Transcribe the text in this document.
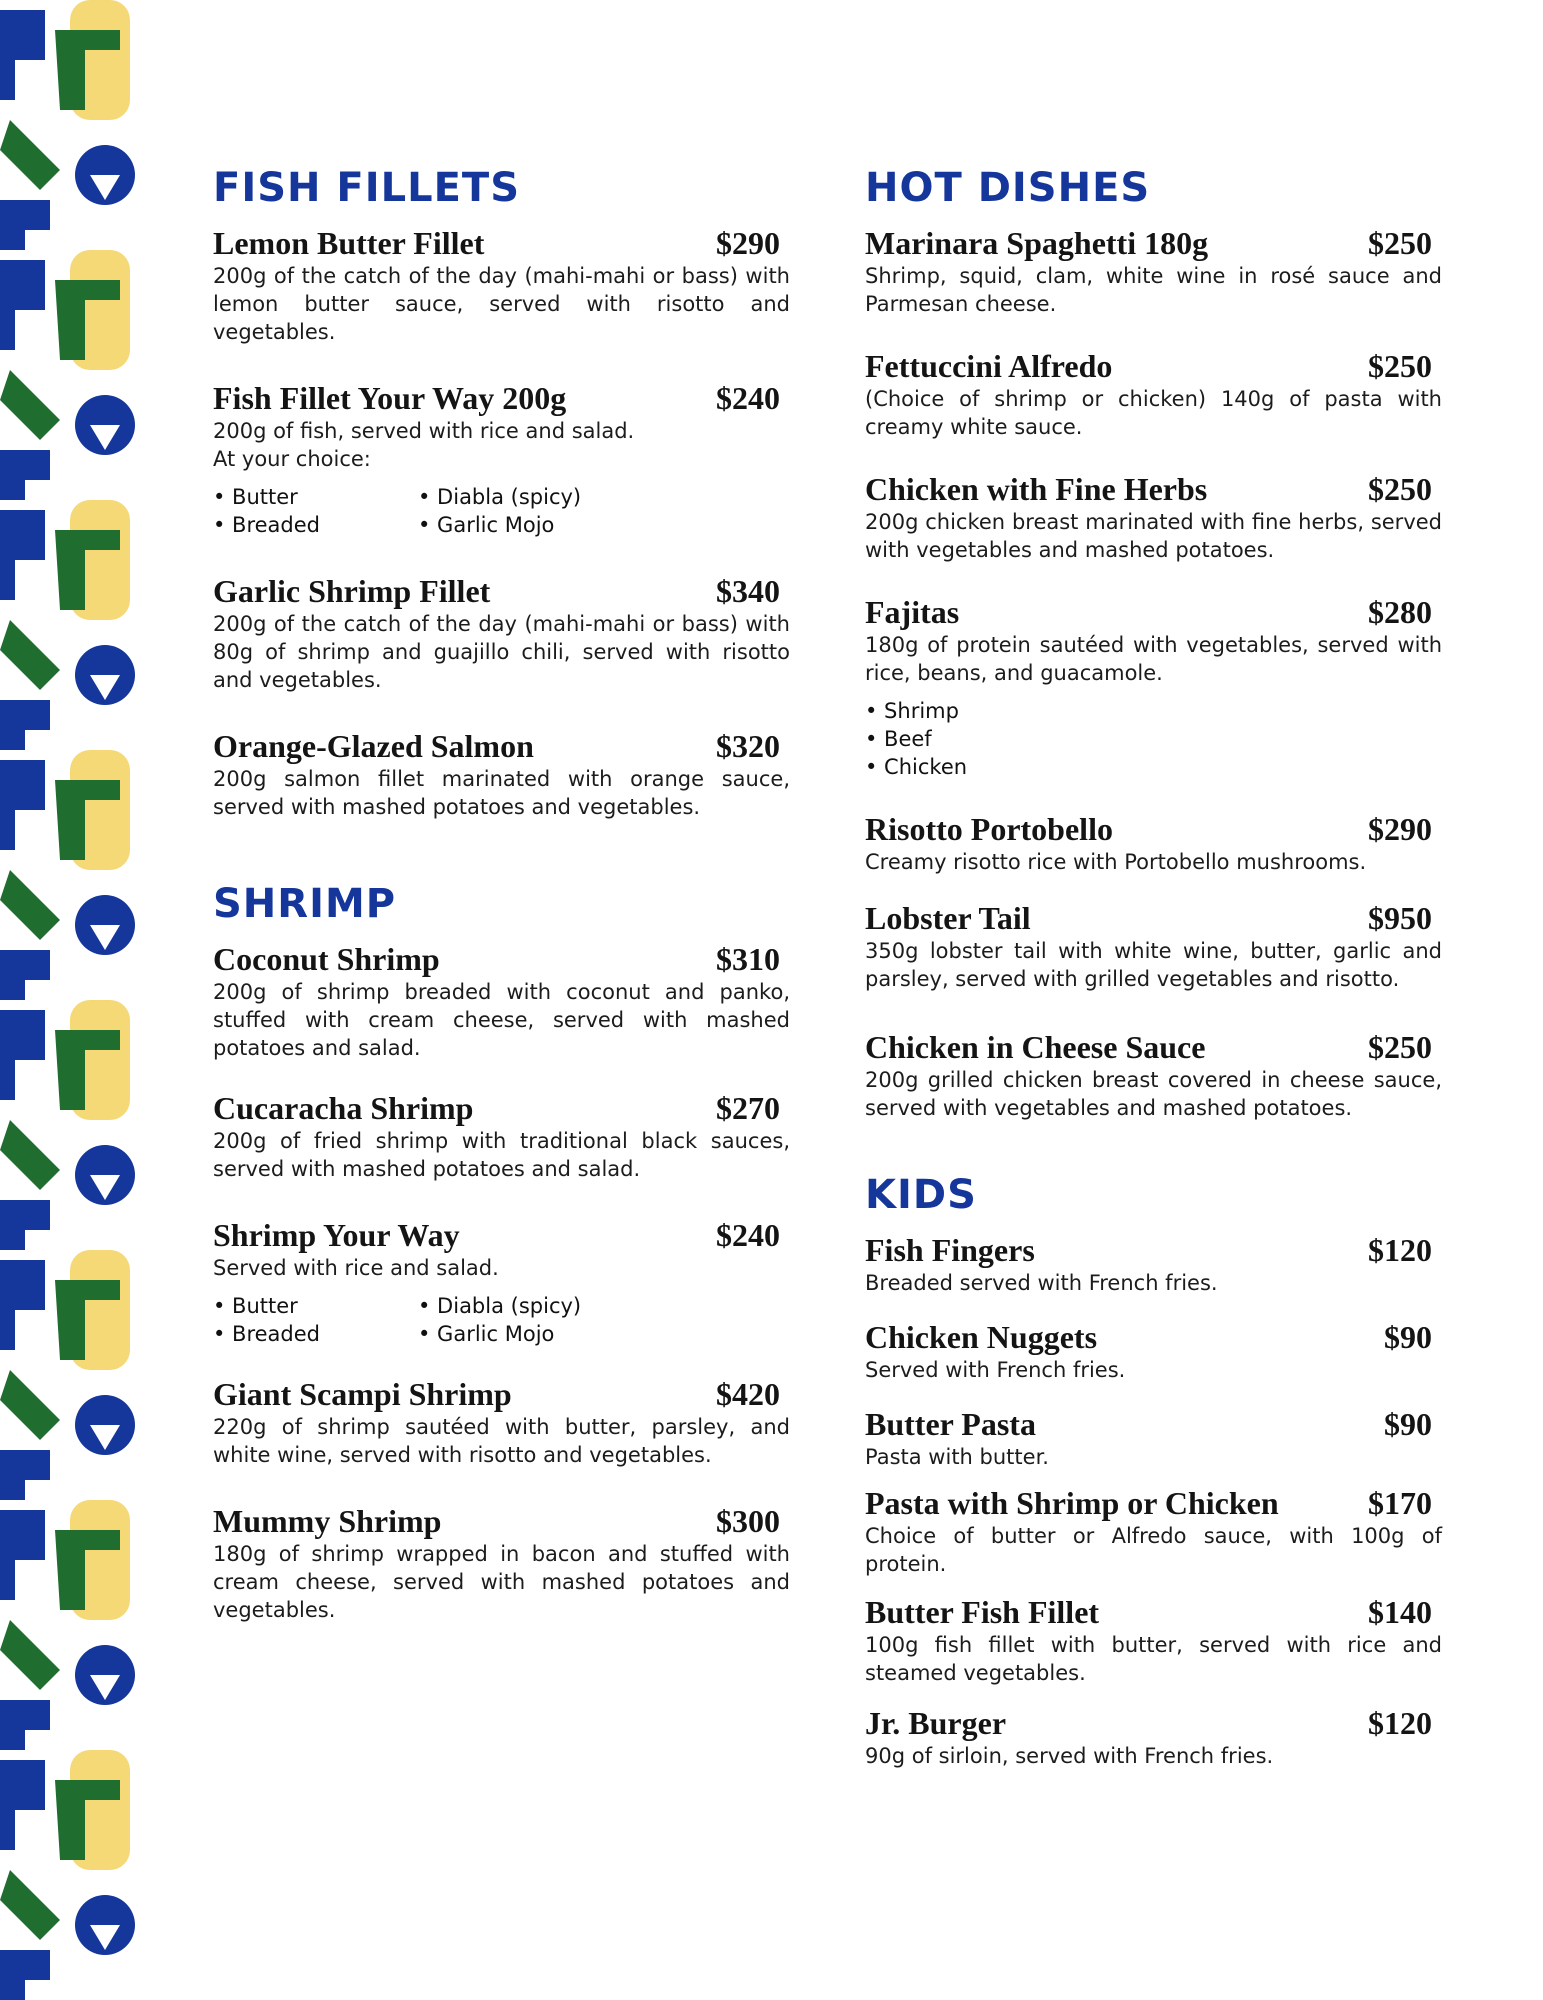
FISH FILLETS
Lemon Butter Fillet	$290
200g of the catch of the day (mahi-mahi or bass) with lemon butter sauce, served with risotto and vegetables.
Fish Fillet Your Way 200g	$240
200g of fish, served with rice and salad.
At your choice:
• Butter	• Diabla (spicy)
• Breaded	• Garlic Mojo
Garlic Shrimp Fillet	$340
200g of the catch of the day (mahi-mahi or bass) with 80g of shrimp and guajillo chili, served with risotto and vegetables.
Orange-Glazed Salmon	$320
200g salmon fillet marinated with orange sauce, served with mashed potatoes and vegetables.
SHRIMP
Coconut Shrimp	$310
200g of shrimp breaded with coconut and panko, stuffed with cream cheese, served with mashed potatoes and salad.
Cucaracha Shrimp	$270
200g of fried shrimp with traditional black sauces, served with mashed potatoes and salad.
Shrimp Your Way	$240
Served with rice and salad.
• Butter	• Diabla (spicy)
• Breaded	• Garlic Mojo
Giant Scampi Shrimp	$420
220g of shrimp sautéed with butter, parsley, and white wine, served with risotto and vegetables.
Mummy Shrimp	$300
180g of shrimp wrapped in bacon and stuffed with cream cheese, served with mashed potatoes and vegetables.
HOT DISHES
Marinara Spaghetti 180g	$250
Shrimp, squid, clam, white wine in rosé sauce and Parmesan cheese.
Fettuccini Alfredo	$250
(Choice of shrimp or chicken) 140g of pasta with creamy white sauce.
Chicken with Fine Herbs	$250
200g chicken breast marinated with fine herbs, served with vegetables and mashed potatoes.
Fajitas	$280
180g of protein sautéed with vegetables, served with rice, beans, and guacamole.
• Shrimp
• Beef
• Chicken
Risotto Portobello	$290
Creamy risotto rice with Portobello mushrooms.
Lobster Tail	$950
350g lobster tail with white wine, butter, garlic and parsley, served with grilled vegetables and risotto.
Chicken in Cheese Sauce	$250
200g grilled chicken breast covered in cheese sauce, served with vegetables and mashed potatoes.
KIDS
Fish Fingers	$120
Breaded served with French fries.
Chicken Nuggets	$90
Served with French fries.
Butter Pasta	$90
Pasta with butter.
Pasta with Shrimp or Chicken	$170
Choice of butter or Alfredo sauce, with 100g of protein.
Butter Fish Fillet	$140
100g fish fillet with butter, served with rice and steamed vegetables.
Jr. Burger	$120
90g of sirloin, served with French fries.
